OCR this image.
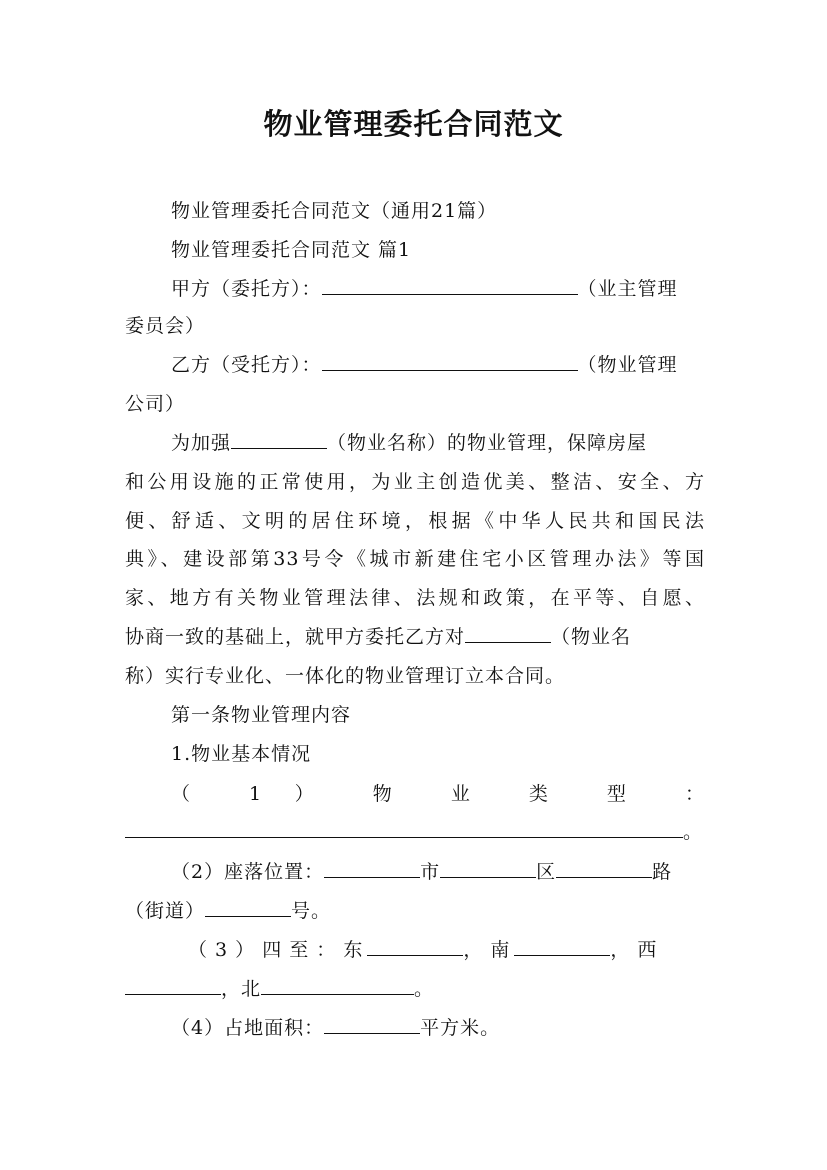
物业管理委托合同范文
物业管理委托合同范文（通用21篇）
物业管理委托合同范文 篇1
甲方（委托方）：	（业主管理
委员会）
乙方（受托方）：	（物业管理
公司）
为加强	（物业名称）的物业管理，保障房屋
和公用设施的正常使用，为业主创造优美、整洁、安全、方
便、舒适、文明的居住环境，根据《中华人民共和国民法
典》、建设部第33号令《城市新建住宅小区管理办法》等国
家、地方有关物业管理法律、法规和政策，在平等、自愿、
协商一致的基础上，就甲方委托乙方对	（物业名
称）实行专业化、一体化的物业管理订立本合同。
第一条物业管理内容
1.物业基本情况
（ 1 ） 物 业 类 型 ：
。
（2）座落位置：	市	区	路
（街道）	号。
（ 3 ） 四 至 ： 东	， 南	， 西
，北	。
（4）占地面积：	平方米。
